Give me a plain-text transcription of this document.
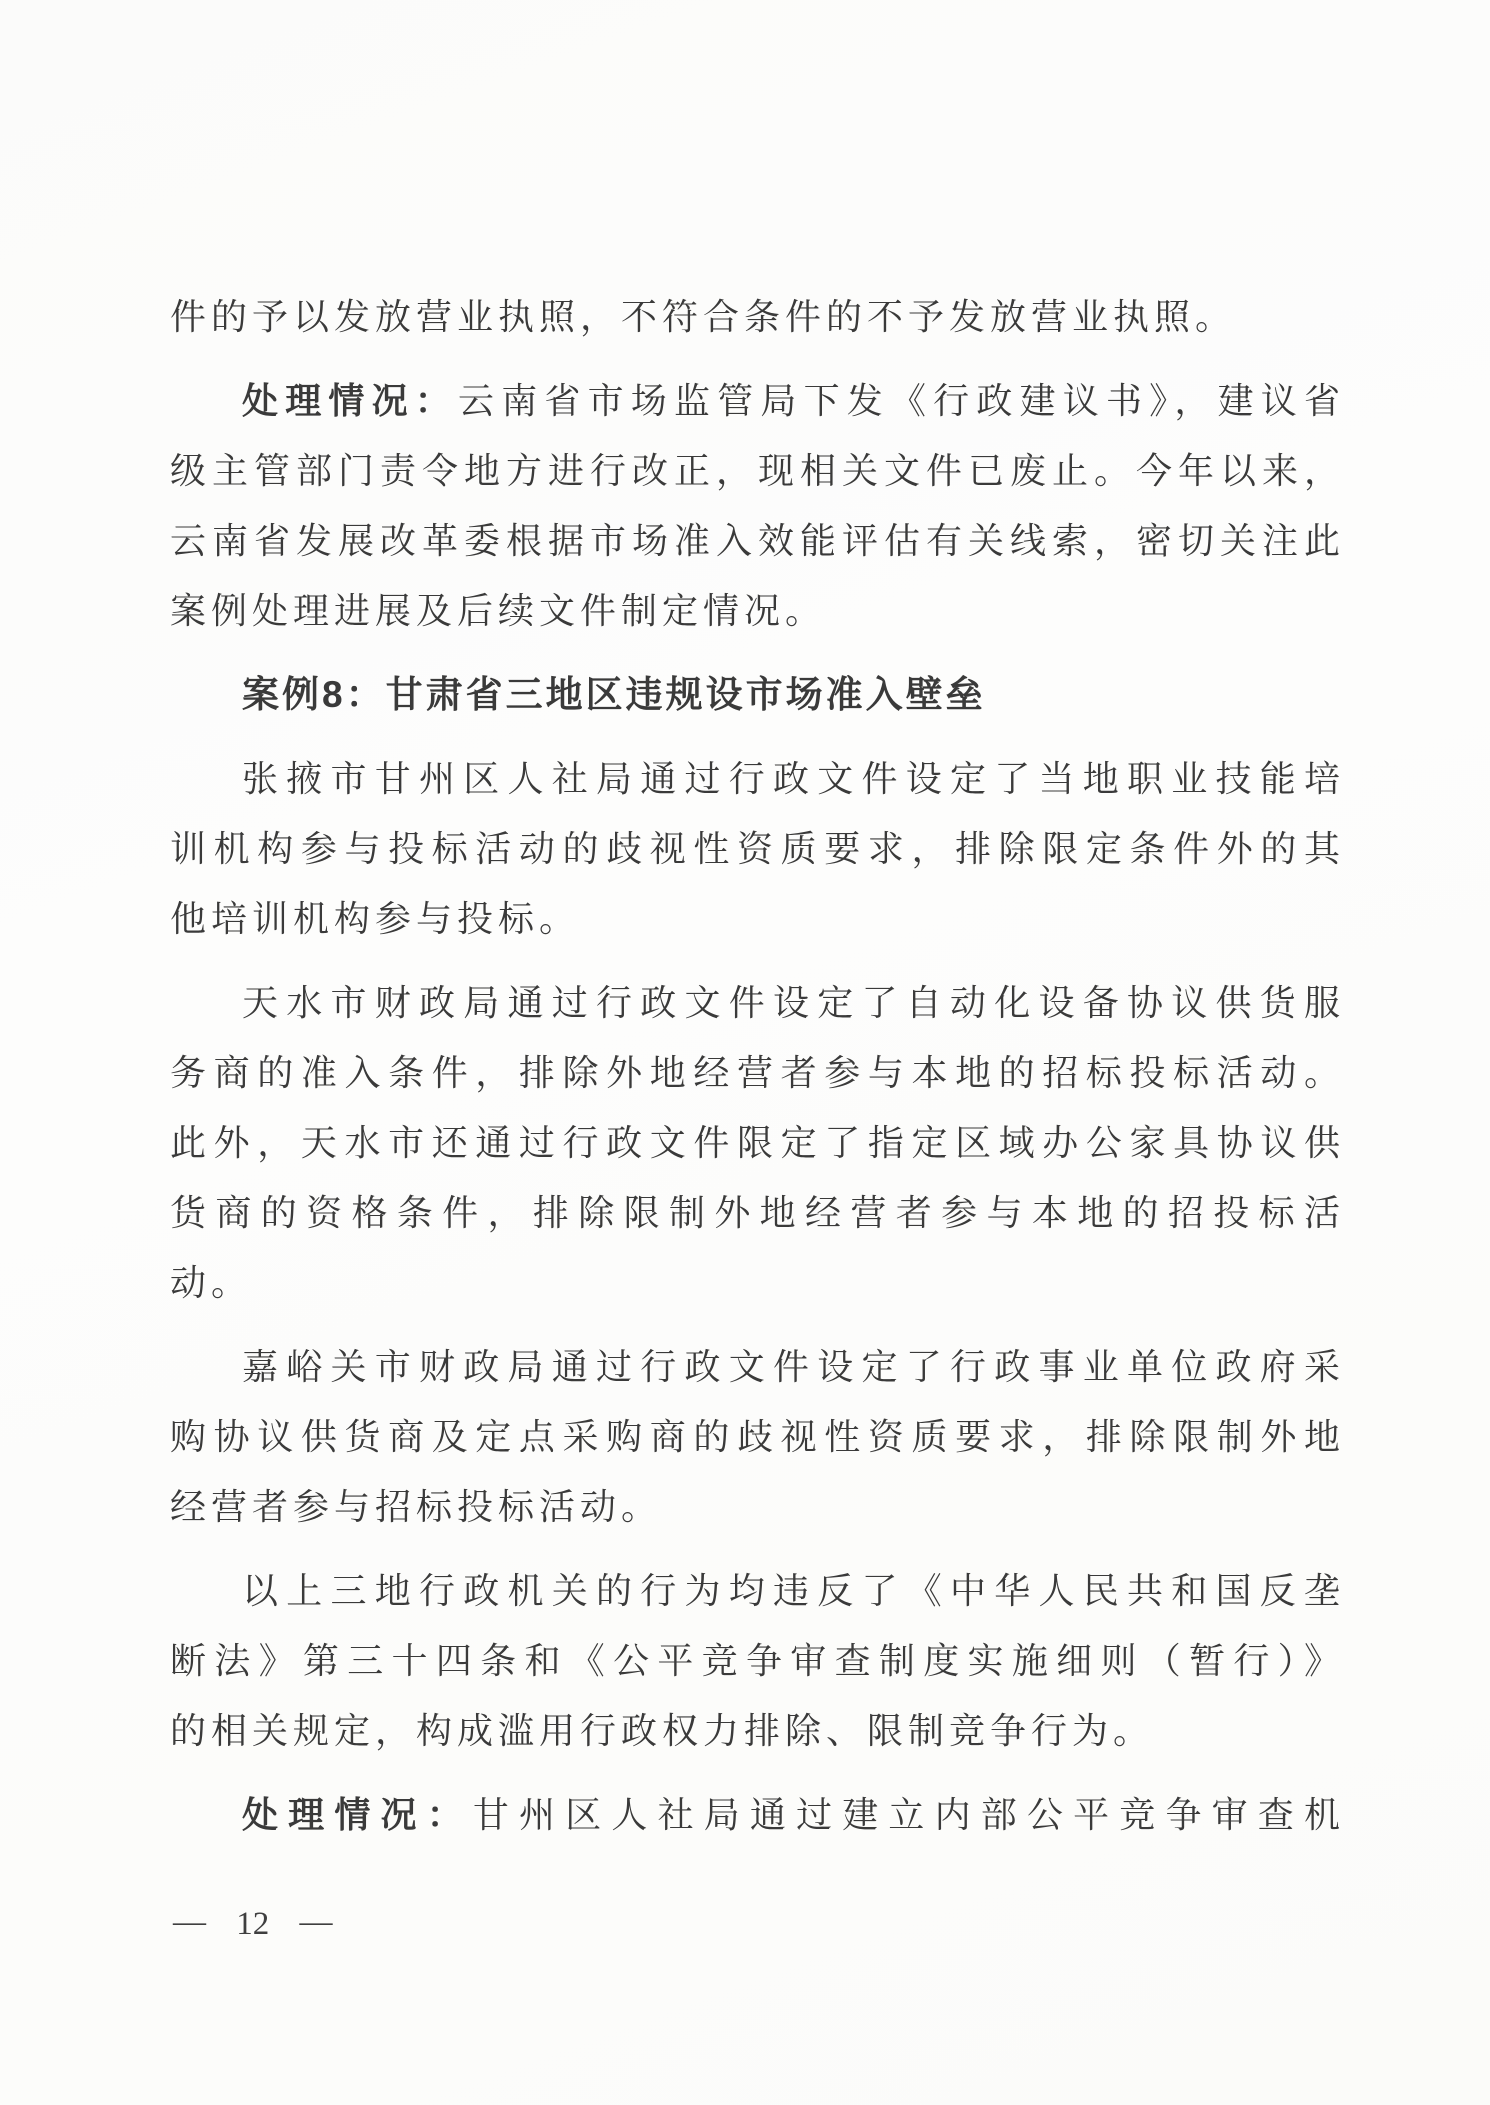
件的予以发放营业执照，不符合条件的不予发放营业执照。
处理情况：云南省市场监管局下发《行政建议书》，建议省
级主管部门责令地方进行改正，现相关文件已废止。今年以来，
云南省发展改革委根据市场准入效能评估有关线索，密切关注此
案例处理进展及后续文件制定情况。
案例8：甘肃省三地区违规设市场准入壁垒
张掖市甘州区人社局通过行政文件设定了当地职业技能培
训机构参与投标活动的歧视性资质要求，排除限定条件外的其
他培训机构参与投标。
天水市财政局通过行政文件设定了自动化设备协议供货服
务商的准入条件，排除外地经营者参与本地的招标投标活动。
此外，天水市还通过行政文件限定了指定区域办公家具协议供
货商的资格条件，排除限制外地经营者参与本地的招投标活
动。
嘉峪关市财政局通过行政文件设定了行政事业单位政府采
购协议供货商及定点采购商的歧视性资质要求，排除限制外地
经营者参与招标投标活动。
以上三地行政机关的行为均违反了《中华人民共和国反垄
断法》第三十四条和《公平竞争审查制度实施细则（暂行）》
的相关规定，构成滥用行政权力排除、限制竞争行为。
处理情况：甘州区人社局通过建立内部公平竞争审查机
— 12 —
